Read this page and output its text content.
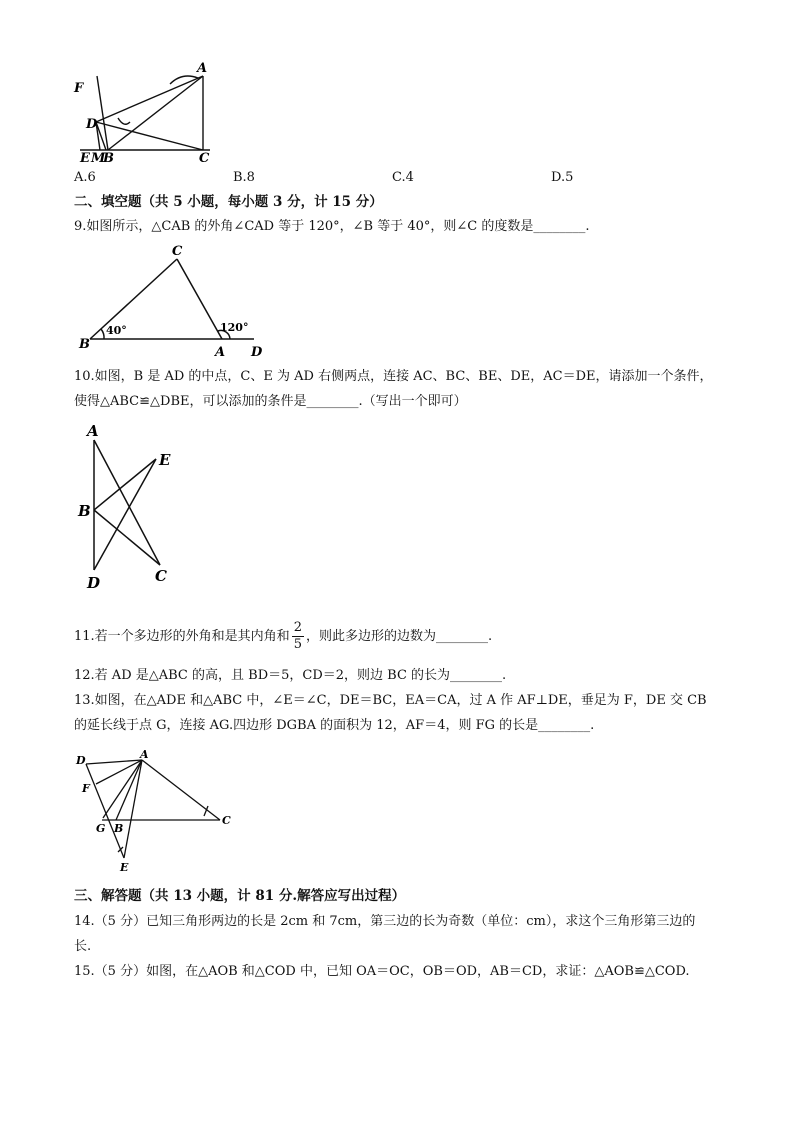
F
A
D
E M
B	C
A.6	B.8	C.4	D.5
二、填空题（共 5 小题，每小题 3 分，计 15 分）
9.如图所示，△CAB 的外角∠CAD 等于 120°，∠B 等于 40°，则∠C 的度数是________.
C
B
A D
40°	120°
10.如图，B 是 AD 的中点，C、E 为 AD 右侧两点，连接 AC、BC、BE、DE，AC＝DE，请添加一个条件，
使得△ABC≌△DBE，可以添加的条件是________.（写出一个即可）
A
E
B
D	C
11.若一个多边形的外角和是其内角和 $\frac{2}{5}$ ，则此多边形的边数为________.
12.若 AD 是△ABC 的高，且 BD＝5，CD＝2，则边 BC 的长为________.
13.如图，在△ADE 和△ABC 中，∠E＝∠C，DE＝BC，EA＝CA，过 A 作 AF⊥DE，垂足为 F，DE 交 CB
的延长线于点 G，连接 AG.四边形 DGBA 的面积为 12，AF＝4，则 FG 的长是________.
D	A
F
G B
C
E
三、解答题（共 13 小题，计 81 分.解答应写出过程）
14.（5 分）已知三角形两边的长是 2cm 和 7cm，第三边的长为奇数（单位：cm），求这个三角形第三边的
长.
15.（5 分）如图，在△AOB 和△COD 中，已知 OA＝OC，OB＝OD，AB＝CD，求证：△AOB≌△COD.
